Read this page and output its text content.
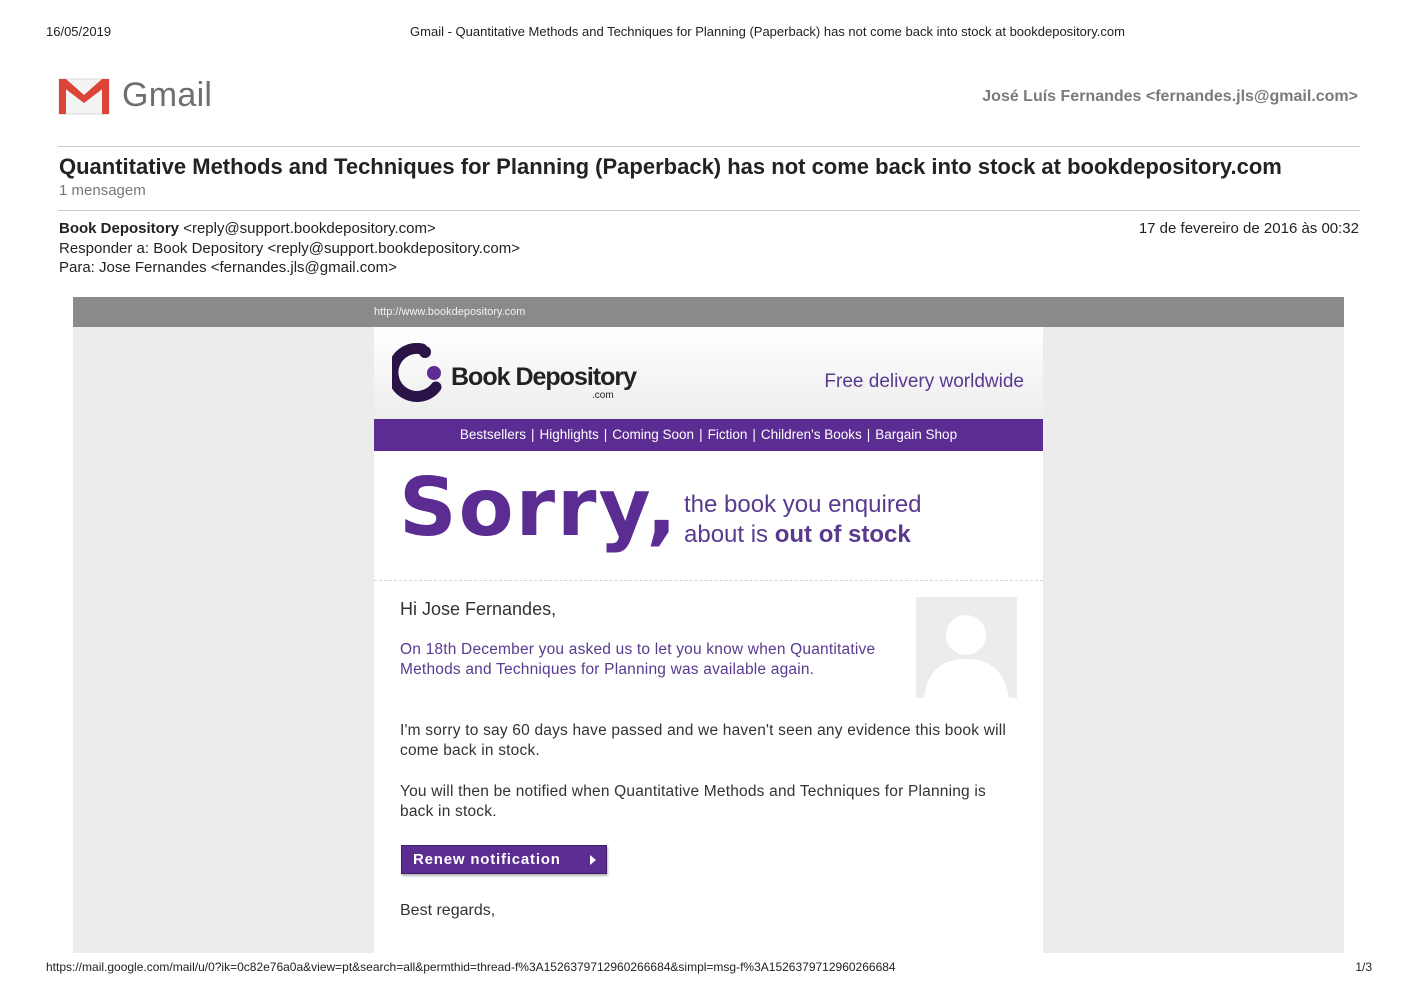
16/05/2019	Gmail - Quantitative Methods and Techniques for Planning (Paperback) has not come back into stock at bookdepository.com
Gmail	José Luís Fernandes <fernandes.jls@gmail.com>
Quantitative Methods and Techniques for Planning (Paperback) has not come back into stock at bookdepository.com
1 mensagem
Book Depository <reply@support.bookdepository.com>
Responder a: Book Depository <reply@support.bookdepository.com>
Para: Jose Fernandes <fernandes.jls@gmail.com>
17 de fevereiro de 2016 às 00:32
http://www.bookdepository.com
Book Depository
.com
Free delivery worldwide
Bestsellers | Highlights | Coming Soon | Fiction | Children's Books | Bargain Shop
Sorry, the book you enquired
about is out of stock
Hi Jose Fernandes,
On 18th December you asked us to let you know when Quantitative Methods and Techniques for Planning was available again.
I'm sorry to say 60 days have passed and we haven't seen any evidence this book will come back in stock.
You will then be notified when Quantitative Methods and Techniques for Planning is back in stock.
Renew notification
Best regards,
https://mail.google.com/mail/u/0?ik=0c82e76a0a&view=pt&search=all&permthid=thread-f%3A1526379712960266684&simpl=msg-f%3A1526379712960266684	1/3
